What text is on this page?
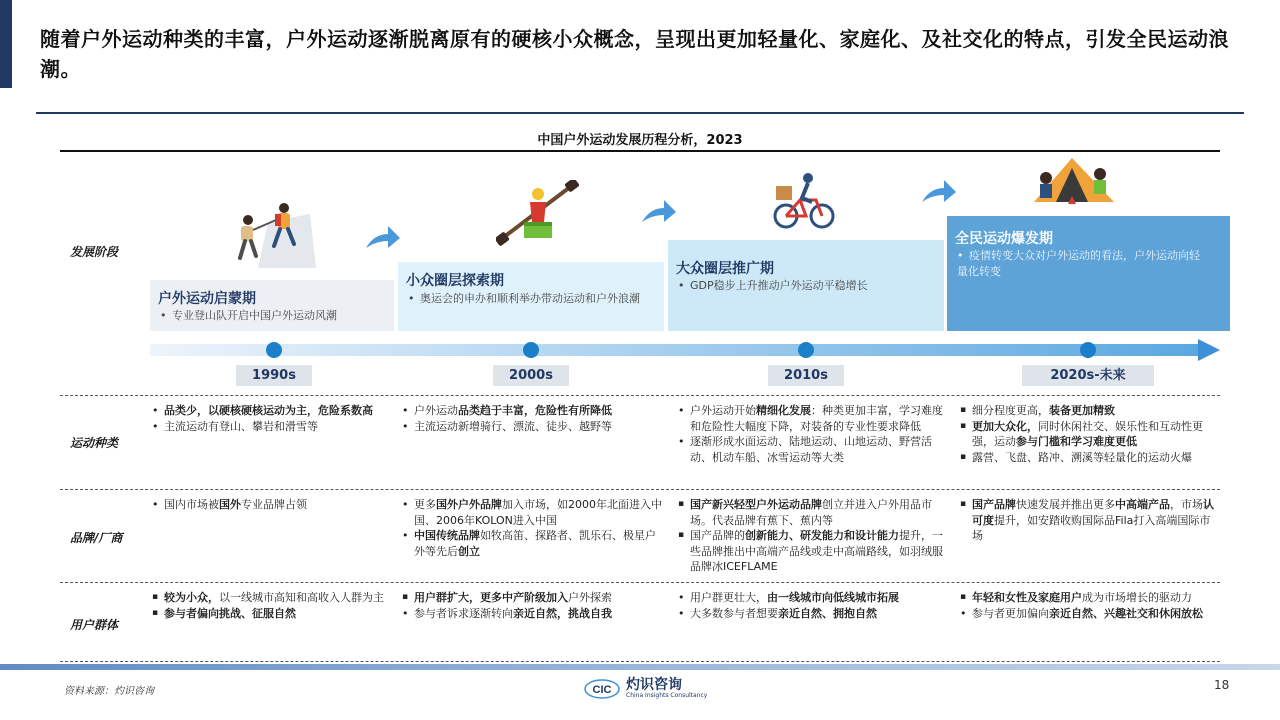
随着户外运动种类的丰富，户外运动逐渐脱离原有的硬核小众概念，呈现出更加轻量化、家庭化、及社交化的特点，引发全民运动浪潮。
中国户外运动发展历程分析，2023
发展阶段
运动种类
品牌/厂商
用户群体
户外运动启蒙期
• 专业登山队开启中国户外运动风潮
小众圈层探索期
• 奥运会的申办和顺利举办带动运动和户外浪潮
大众圈层推广期
• GDP稳步上升推动户外运动平稳增长
全民运动爆发期
• 疫情转变大众对户外运动的看法，户外运动向轻量化转变
1990s	2000s	2010s	2020s-未来
• 品类少，以硬核硬核运动为主，危险系数高
• 主流运动有登山、攀岩和滑雪等
• 户外运动品类趋于丰富，危险性有所降低
• 主流运动新增骑行、漂流、徒步、越野等
• 户外运动开始精细化发展：种类更加丰富，学习难度和危险性大幅度下降，对装备的专业性要求降低
• 逐渐形成水面运动、陆地运动、山地运动、野营活动、机动车船、冰雪运动等大类
▪ 细分程度更高，装备更加精致
▪ 更加大众化，同时休闲社交、娱乐性和互动性更强，运动参与门槛和学习难度更低
▪ 露营、飞盘、路冲、溯溪等轻量化的运动火爆
• 国内市场被国外专业品牌占领
•	更多国外户外品牌加入市场，如2000年北面进入中国、2006年KOLON进入中国
• 中国传统品牌如牧高笛、探路者、凯乐石、极星户外等先后创立
▪ 国产新兴轻型户外运动品牌创立并进入户外用品市场。代表品牌有蕉下、蕉内等
▪ 国产品牌的创新能力、研发能力和设计能力提升，一些品牌推出中高端产品线或走中高端路线，如羽绒服品牌冰ICEFLAME
▪ 国产品牌快速发展并推出更多中高端产品，市场认可度提升，如安踏收购国际品Fila打入高端国际市场
▪ 较为小众，以一线城市高知和高收入人群为主
▪ 参与者偏向挑战、征服自然
▪ 用户群扩大，更多中产阶级加入户外探索
• 参与者诉求逐渐转向亲近自然，挑战自我
• 用户群更壮大，由一线城市向低线城市拓展
• 大多数参与者想要亲近自然、拥抱自然
▪ 年轻和女性及家庭用户成为市场增长的驱动力
• 参与者更加偏向亲近自然、兴趣社交和休闲放松
资料来源：灼识咨询	CIC 灼识咨询
China Insights Consultancy
18
